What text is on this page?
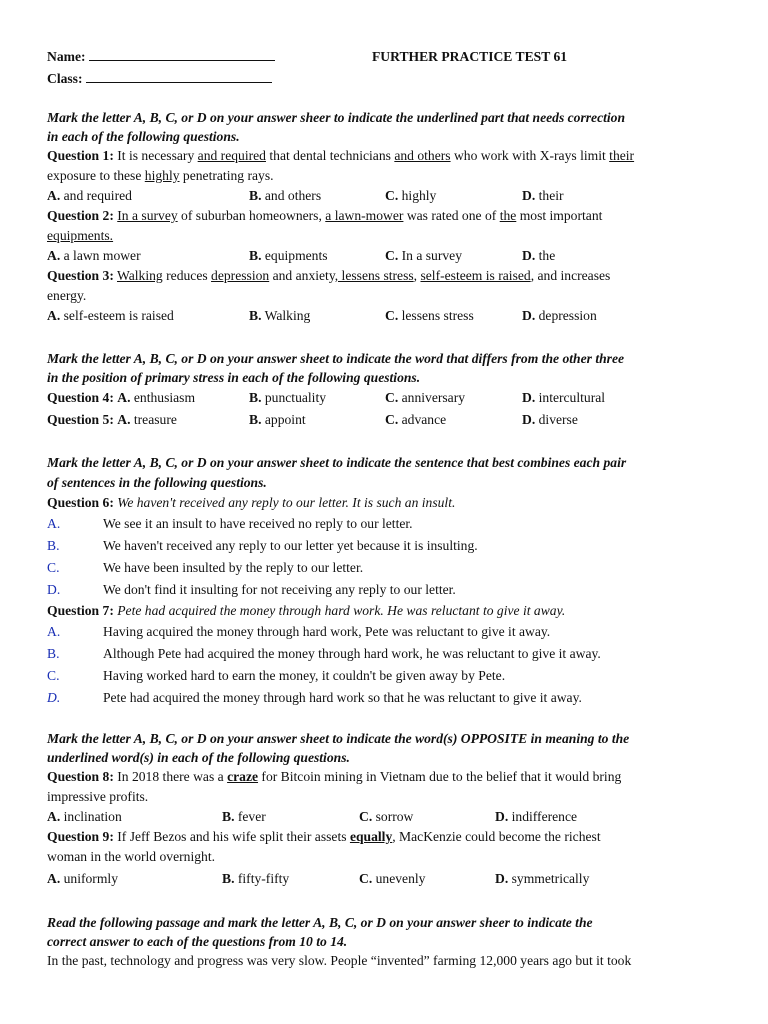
Name:	FURTHER PRACTICE TEST 61
Class:
Mark the letter A, B, C, or D on your answer sheer to indicate the underlined part that needs correction
in each of the following questions.
Question 1: It is necessary and required that dental technicians and others who work with X-rays limit their
exposure to these highly penetrating rays.
A. and required	B. and others	C. highly	D. their
Question 2: In a survey of suburban homeowners, a lawn-mower was rated one of the most important
equipments.
A. a lawn mower	B. equipments	C. In a survey	D. the
Question 3: Walking reduces depression and anxiety, lessens stress, self-esteem is raised, and increases
energy.
A. self-esteem is raised	B. Walking	C. lessens stress	D. depression
Mark the letter A, B, C, or D on your answer sheet to indicate the word that differs from the other three
in the position of primary stress in each of the following questions.
Question 4: A. enthusiasm	B. punctuality	C. anniversary	D. intercultural
Question 5: A. treasure	B. appoint	C. advance	D. diverse
Mark the letter A, B, C, or D on your answer sheet to indicate the sentence that best combines each pair
of sentences in the following questions.
Question 6: We haven't received any reply to our letter. It is such an insult.
A.	We see it an insult to have received no reply to our letter.
B.	We haven't received any reply to our letter yet because it is insulting.
C.	We have been insulted by the reply to our letter.
D.	We don't find it insulting for not receiving any reply to our letter.
Question 7: Pete had acquired the money through hard work. He was reluctant to give it away.
A.	Having acquired the money through hard work, Pete was reluctant to give it away.
B.	Although Pete had acquired the money through hard work, he was reluctant to give it away.
C.	Having worked hard to earn the money, it couldn't be given away by Pete.
D.	Pete had acquired the money through hard work so that he was reluctant to give it away.
Mark the letter A, B, C, or D on your answer sheet to indicate the word(s) OPPOSITE in meaning to the
underlined word(s) in each of the following questions.
Question 8: In 2018 there was a craze for Bitcoin mining in Vietnam due to the belief that it would bring
impressive profits.
A. inclination	B. fever	C. sorrow	D. indifference
Question 9: If Jeff Bezos and his wife split their assets equally, MacKenzie could become the richest
woman in the world overnight.
A. uniformly	B. fifty-fifty	C. unevenly	D. symmetrically
Read the following passage and mark the letter A, B, C, or D on your answer sheer to indicate the
correct answer to each of the questions from 10 to 14.
In the past, technology and progress was very slow. People “invented” farming 12,000 years ago but it took
